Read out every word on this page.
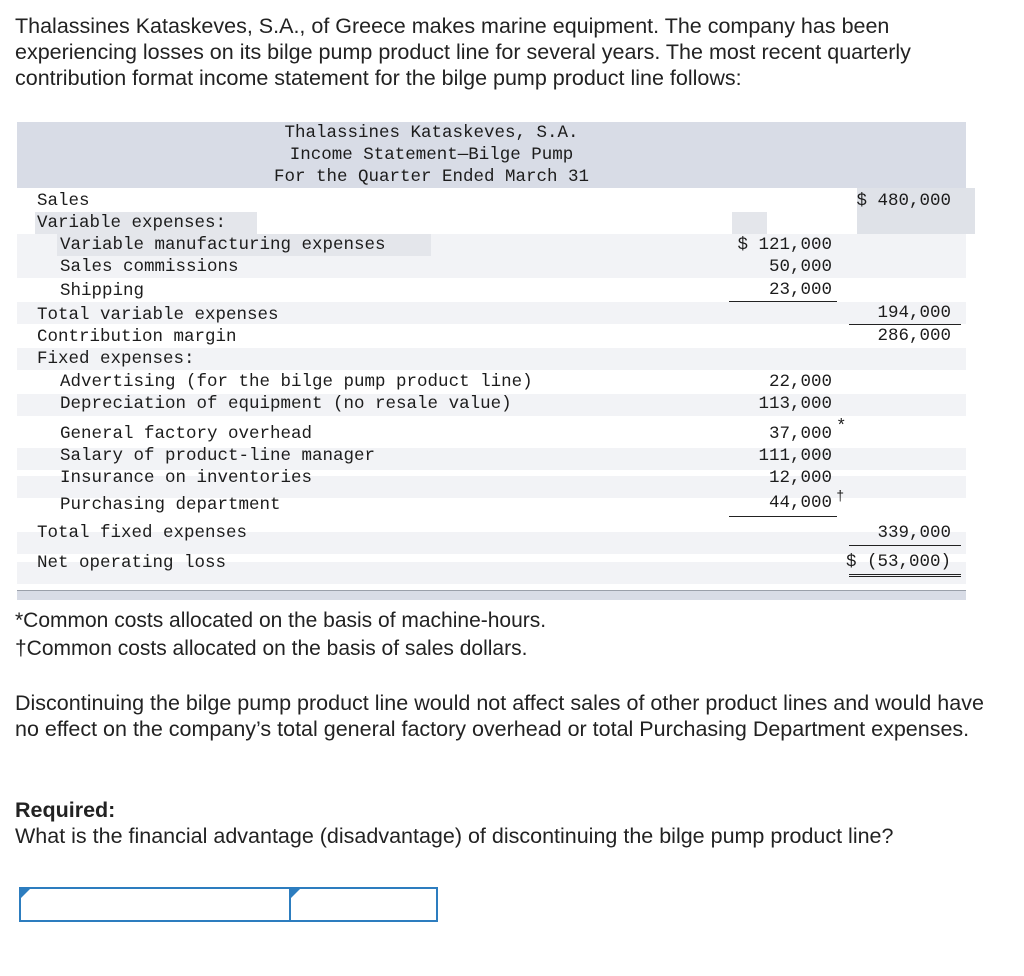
Thalassines Kataskeves, S.A., of Greece makes marine equipment. The company has been experiencing losses on its bilge pump product line for several years. The most recent quarterly contribution format income statement for the bilge pump product line follows:

Thalassines Kataskeves, S.A.
Income Statement—Bilge Pump
For the Quarter Ended March 31
Sales	$ 480,000
Variable expenses:
Variable manufacturing expenses	$ 121,000
Sales commissions	50,000
Shipping	23,000
Total variable expenses	194,000
Contribution margin	286,000
Fixed expenses:
Advertising (for the bilge pump product line)	22,000
Depreciation of equipment (no resale value)	113,000
General factory overhead	37,000 *
Salary of product-line manager	111,000
Insurance on inventories	12,000
Purchasing department	44,000 †
Total fixed expenses	339,000
Net operating loss	$ (53,000)

*Common costs allocated on the basis of machine-hours.

†Common costs allocated on the basis of sales dollars.

Discontinuing the bilge pump product line would not affect sales of other product lines and would have no effect on the company’s total general factory overhead or total Purchasing Department expenses.

Required:

What is the financial advantage (disadvantage) of discontinuing the bilge pump product line?
